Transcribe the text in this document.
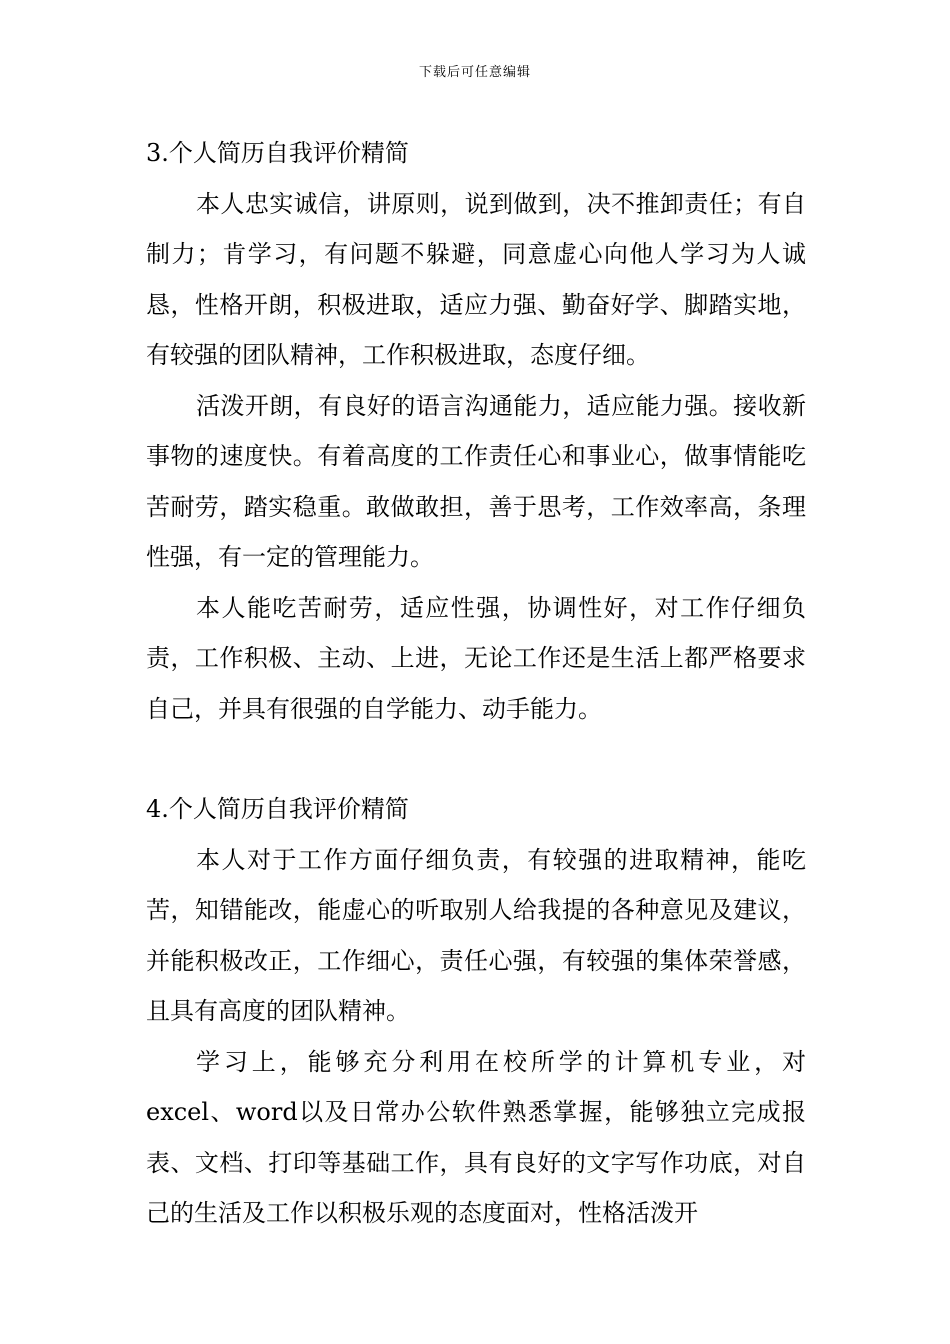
下载后可任意编辑
3.个人简历自我评价精简

本人忠实诚信，讲原则，说到做到，决不推卸责任；有自制力；肯学习，有问题不躲避，同意虚心向他人学习为人诚恳，性格开朗，积极进取，适应力强、勤奋好学、脚踏实地，有较强的团队精神，工作积极进取，态度仔细。

活泼开朗，有良好的语言沟通能力，适应能力强。接收新事物的速度快。有着高度的工作责任心和事业心，做事情能吃苦耐劳，踏实稳重。敢做敢担，善于思考，工作效率高，条理性强，有一定的管理能力。

本人能吃苦耐劳，适应性强，协调性好，对工作仔细负责，工作积极、主动、上进，无论工作还是生活上都严格要求自己，并具有很强的自学能力、动手能力。

4.个人简历自我评价精简

本人对于工作方面仔细负责，有较强的进取精神，能吃苦，知错能改，能虚心的听取别人给我提的各种意见及建议，并能积极改正，工作细心，责任心强，有较强的集体荣誉感，且具有高度的团队精神。

学习上，能够充分利用在校所学的计算机专业，对excel、word以及日常办公软件熟悉掌握，能够独立完成报表、文档、打印等基础工作，具有良好的文字写作功底，对自己的生活及工作以积极乐观的态度面对，性格活泼开
